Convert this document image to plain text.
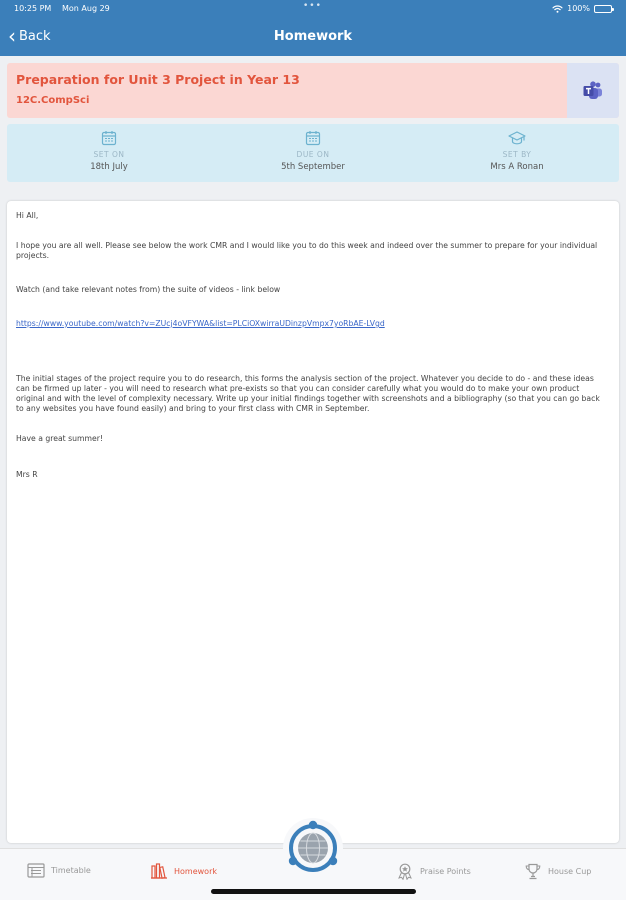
10:25 PM Mon Aug 29	•••	100%
‹ Back	Homework
Preparation for Unit 3 Project in Year 13
12C.CompSci
SET ON
18th July
DUE ON
5th September
SET BY
Mrs A Ronan

Hi All,

I hope you are all well. Please see below the work CMR and I would like you to do this week and indeed over the summer to prepare for your individual projects.

Watch (and take relevant notes from) the suite of videos - link below

https://www.youtube.com/watch?v=ZUcj4oVFYWA&list=PLCiOXwirraUDinzpVmpx7yoRbAE-LVgd

The initial stages of the project require you to do research, this forms the analysis section of the project. Whatever you decide to do - and these ideas can be firmed up later - you will need to research what pre-exists so that you can consider carefully what you would do to make your own product original and with the level of complexity necessary. Write up your initial findings together with screenshots and a bibliography (so that you can go back to any websites you have found easily) and bring to your first class with CMR in September.

Have a great summer!

Mrs R

Timetable	Homework	Praise Points	House Cup
